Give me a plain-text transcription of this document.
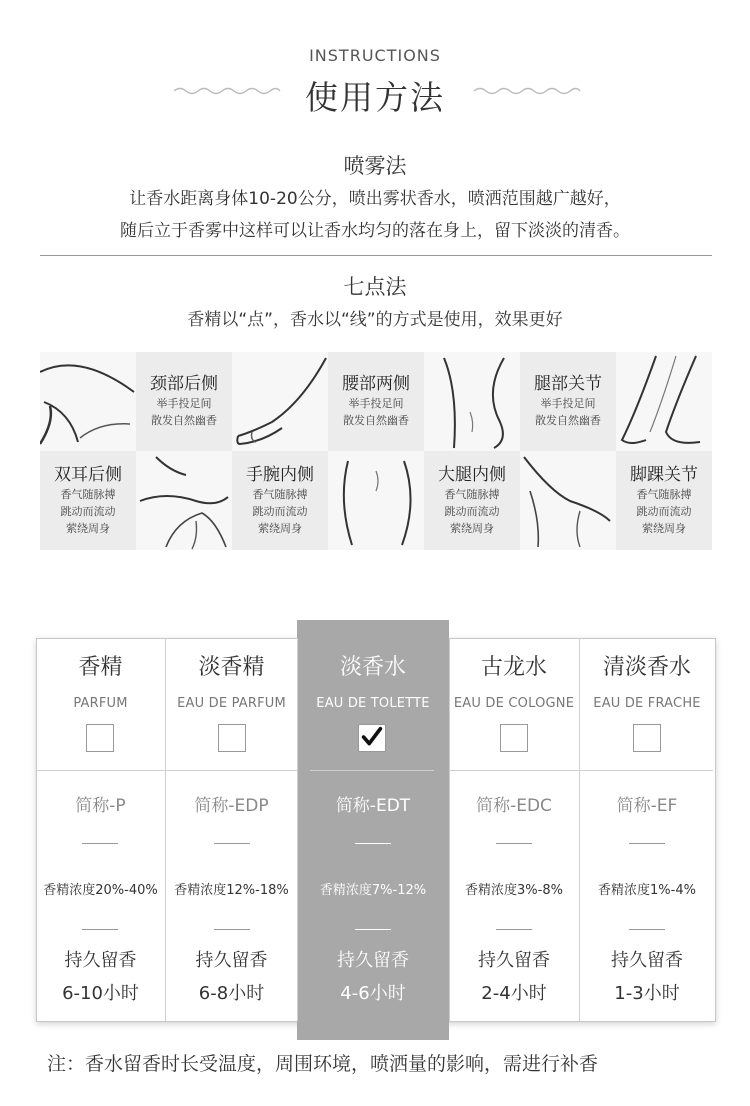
INSTRUCTIONS
使用方法
喷雾法
让香水距离身体10-20公分，喷出雾状香水，喷洒范围越广越好，
随后立于香雾中这样可以让香水均匀的落在身上，留下淡淡的清香。
七点法
香精以“点”，香水以“线”的方式是使用，效果更好
颈部后侧
举手投足间
散发自然幽香
腰部两侧
举手投足间
散发自然幽香
腿部关节
举手投足间
散发自然幽香
双耳后侧
香气随脉搏
跳动而流动
萦绕周身
手腕内侧
香气随脉搏
跳动而流动
萦绕周身
大腿内侧
香气随脉搏
跳动而流动
萦绕周身
脚踝关节
香气随脉搏
跳动而流动
萦绕周身
香精
PARFUM
简称-P
香精浓度20%-40%
持久留香
6-10小时
淡香精
EAU DE PARFUM
简称-EDP
香精浓度12%-18%
持久留香
6-8小时
淡香水
EAU DE TOLETTE
简称-EDT
香精浓度7%-12%
持久留香
4-6小时
古龙水
EAU DE COLOGNE
简称-EDC
香精浓度3%-8%
持久留香
2-4小时
清淡香水
EAU DE FRACHE
简称-EF
香精浓度1%-4%
持久留香
1-3小时
注：香水留香时长受温度，周围环境，喷洒量的影响，需进行补香
